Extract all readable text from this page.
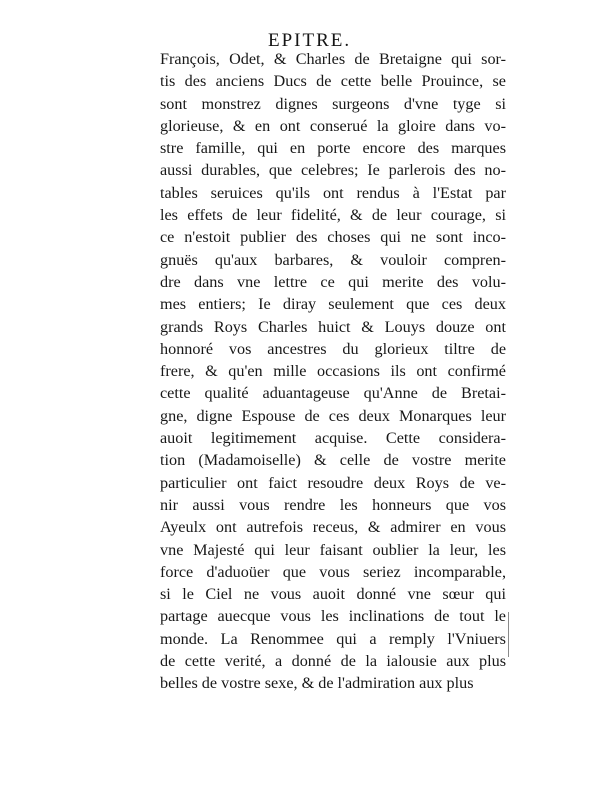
EPITRE.
François, Odet, & Charles de Bretaigne qui sor-
tis des anciens Ducs de cette belle Prouince, se
sont monstrez dignes surgeons d'vne tyge si
glorieuse, & en ont conserué la gloire dans vo-
stre famille, qui en porte encore des marques
aussi durables, que celebres; Ie parlerois des no-
tables seruices qu'ils ont rendus à l'Estat par
les effets de leur fidelité, & de leur courage, si
ce n'estoit publier des choses qui ne sont inco-
gnuës qu'aux barbares, & vouloir compren-
dre dans vne lettre ce qui merite des volu-
mes entiers; Ie diray seulement que ces deux
grands Roys Charles huict & Louys douze ont
honnoré vos ancestres du glorieux tiltre de
frere, & qu'en mille occasions ils ont confirmé
cette qualité aduantageuse qu'Anne de Bretai-
gne, digne Espouse de ces deux Monarques leur
auoit legitimement acquise. Cette considera-
tion (Madamoiselle) & celle de vostre merite
particulier ont faict resoudre deux Roys de ve-
nir aussi vous rendre les honneurs que vos
Ayeulx ont autrefois receus, & admirer en vous
vne Majesté qui leur faisant oublier la leur, les
force d'aduoüer que vous seriez incomparable,
si le Ciel ne vous auoit donné vne sœur qui
partage auecque vous les inclinations de tout le
monde. La Renommee qui a remply l'Vniuers
de cette verité, a donné de la ialousie aux plus
belles de vostre sexe, & de l'admiration aux plus
